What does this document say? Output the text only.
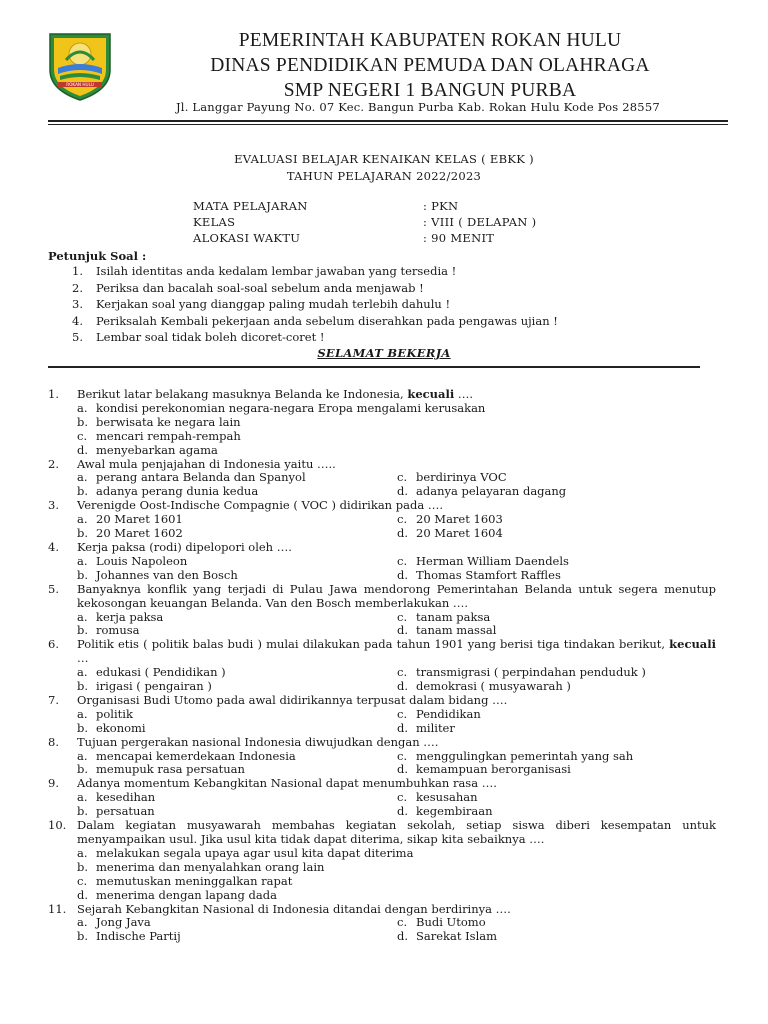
ROKAN HULU
PEMERINTAH KABUPATEN ROKAN HULU
DINAS PENDIDIKAN PEMUDA DAN OLAHRAGA
SMP NEGERI 1 BANGUN PURBA
Jl. Langgar Payung No. 07 Kec. Bangun Purba Kab. Rokan Hulu Kode Pos 28557
EVALUASI BELAJAR KENAIKAN KELAS ( EBKK )
TAHUN PELAJARAN 2022/2023
MATA PELAJARAN	: PKN
KELAS	: VIII ( DELAPAN )
ALOKASI WAKTU	: 90 MENIT
Petunjuk Soal :
1. Isilah identitas anda kedalam lembar jawaban yang tersedia !
2. Periksa dan bacalah soal-soal sebelum anda menjawab !
3. Kerjakan soal yang dianggap paling mudah terlebih dahulu !
4. Periksalah Kembali pekerjaan anda sebelum diserahkan pada pengawas ujian !
5. Lembar soal tidak boleh dicoret-coret !
SELAMAT BEKERJA
1. Berikut latar belakang masuknya Belanda ke Indonesia, kecuali ….
a. kondisi perekonomian negara-negara Eropa mengalami kerusakan
b. berwisata ke negara lain
c. mencari rempah-rempah
d. menyebarkan agama
2. Awal mula penjajahan di Indonesia yaitu …..
a. perang antara Belanda dan Spanyol	c. berdirinya VOC
b. adanya perang dunia kedua	d. adanya pelayaran dagang
3. Verenigde Oost-Indische Compagnie ( VOC ) didirikan pada ….
a. 20 Maret 1601	c. 20 Maret 1603
b. 20 Maret 1602	d. 20 Maret 1604
4. Kerja paksa (rodi) dipelopori oleh ….
a. Louis Napoleon	c. Herman William Daendels
b. Johannes van den Bosch	d. Thomas Stamfort Raffles
5. Banyaknya konflik yang terjadi di Pulau Jawa mendorong Pemerintahan Belanda untuk segera menutup kekosongan keuangan Belanda. Van den Bosch memberlakukan ….
a. kerja paksa	c. tanam paksa
b. romusa	d. tanam massal
6. Politik etis ( politik balas budi ) mulai dilakukan pada tahun 1901 yang berisi tiga tindakan berikut, kecuali …
a. edukasi ( Pendidikan )	c. transmigrasi ( perpindahan penduduk )
b. irigasi ( pengairan )	d. demokrasi ( musyawarah )
7. Organisasi Budi Utomo pada awal didirikannya terpusat dalam bidang ….
a. politik	c. Pendidikan
b. ekonomi	d. militer
8. Tujuan pergerakan nasional Indonesia diwujudkan dengan ….
a. mencapai kemerdekaan Indonesia	c. menggulingkan pemerintah yang sah
b. memupuk rasa persatuan	d. kemampuan berorganisasi
9. Adanya momentum Kebangkitan Nasional dapat menumbuhkan rasa ….
a. kesedihan	c. kesusahan
b. persatuan	d. kegembiraan
10. Dalam kegiatan musyawarah membahas kegiatan sekolah, setiap siswa diberi kesempatan untuk menyampaikan usul. Jika usul kita tidak dapat diterima, sikap kita sebaiknya ….
a. melakukan segala upaya agar usul kita dapat diterima
b. menerima dan menyalahkan orang lain
c. memutuskan meninggalkan rapat
d. menerima dengan lapang dada
11. Sejarah Kebangkitan Nasional di Indonesia ditandai dengan berdirinya ….
a. Jong Java	c. Budi Utomo
b. Indische Partij	d. Sarekat Islam
